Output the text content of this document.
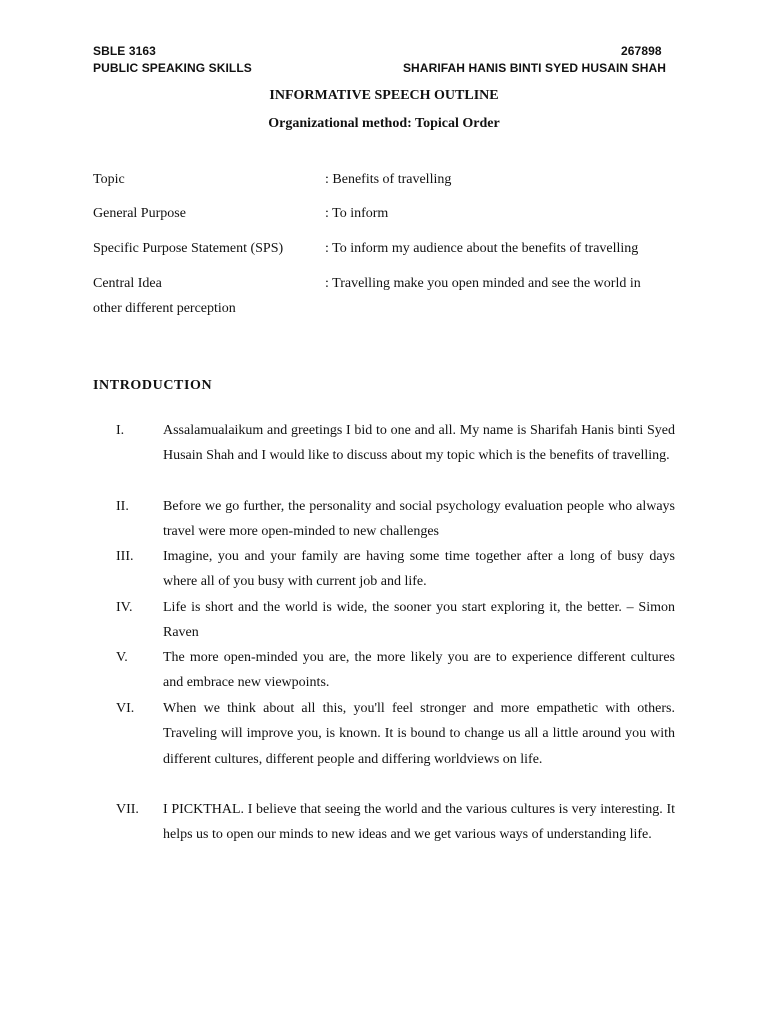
SBLE 3163	267898
PUBLIC SPEAKING SKILLS	SHARIFAH HANIS BINTI SYED HUSAIN SHAH
INFORMATIVE SPEECH OUTLINE
Organizational method: Topical Order
Topic	: Benefits of travelling
General Purpose	: To inform
Specific Purpose Statement (SPS)	: To inform my audience about the benefits of travelling
Central Idea	: Travelling make you open minded and see the world in
other different perception
INTRODUCTION
I.	Assalamualaikum and greetings I bid to one and all. My name is Sharifah Hanis binti Syed Husain Shah and I would like to discuss about my topic which is the benefits of travelling.
II. Before we go further, the personality and social psychology evaluation people who always travel were more open-minded to new challenges
III. Imagine, you and your family are having some time together after a long of busy days where all of you busy with current job and life.
IV. Life is short and the world is wide, the sooner you start exploring it, the better. – Simon Raven
V.	The more open-minded you are, the more likely you are to experience different cultures and embrace new viewpoints.
VI. When we think about all this, you'll feel stronger and more empathetic with others. Traveling will improve you, is known. It is bound to change us all a little around you with different cultures, different people and differing worldviews on life.
VII. I PICKTHAL. I believe that seeing the world and the various cultures is very interesting. It helps us to open our minds to new ideas and we get various ways of understanding life.
